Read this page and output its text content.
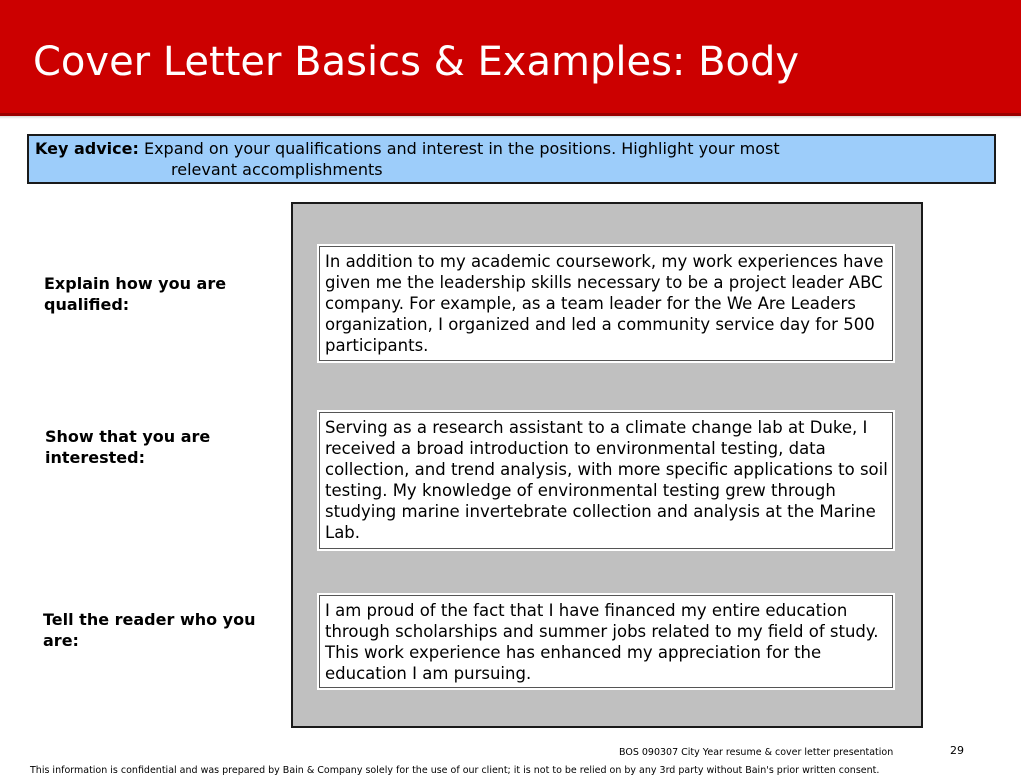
Cover Letter Basics & Examples: Body
Key advice: Expand on your qualifications and interest in the positions. Highlight your most
relevant accomplishments

Explain how you are qualified:

Show that you are interested:

Tell the reader who you are:

In addition to my academic coursework, my work experiences have given me the leadership skills necessary to be a project leader ABC company. For example, as a team leader for the We Are Leaders organization, I organized and led a community service day for 500 participants.

Serving as a research assistant to a climate change lab at Duke, I received a broad introduction to environmental testing, data collection, and trend analysis, with more specific applications to soil testing. My knowledge of environmental testing grew through studying marine invertebrate collection and analysis at the Marine Lab.

I am proud of the fact that I have financed my entire education through scholarships and summer jobs related to my field of study. This work experience has enhanced my appreciation for the education I am pursuing.

BOS 090307 City Year resume & cover letter presentation	29
This information is confidential and was prepared by Bain & Company solely for the use of our client; it is not to be relied on by any 3rd party without Bain's prior written consent.
